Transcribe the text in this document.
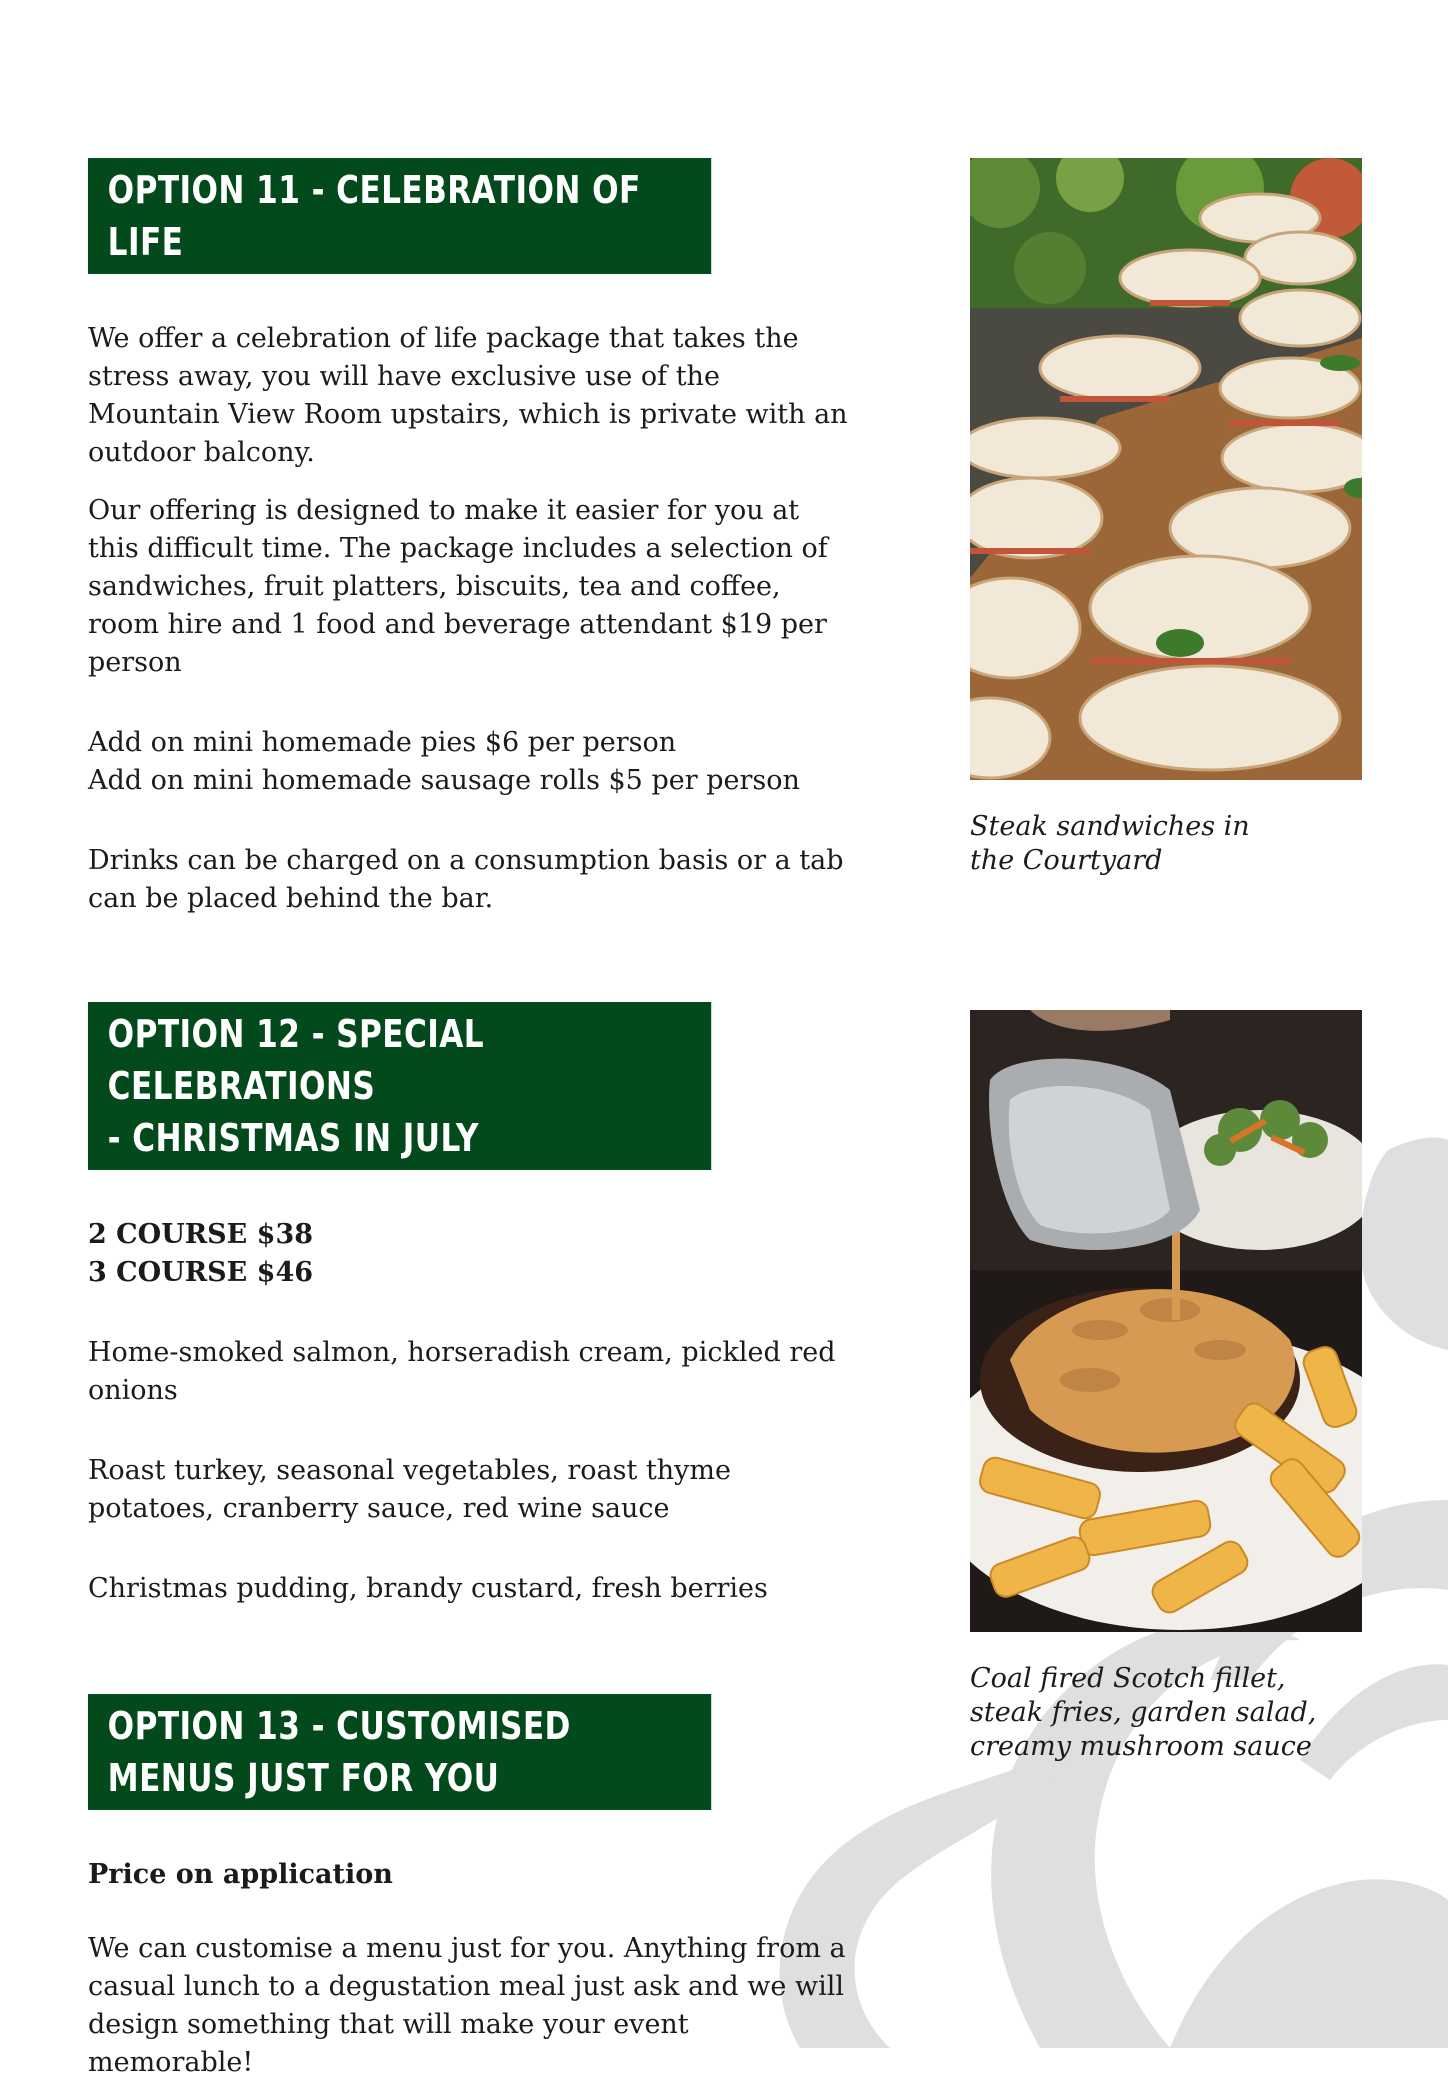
OPTION 11 - CELEBRATION OF LIFE

We offer a celebration of life package that takes the stress away, you will have exclusive use of the Mountain View Room upstairs, which is private with an outdoor balcony.

Our offering is designed to make it easier for you at this difficult time. The package includes a selection of sandwiches, fruit platters, biscuits, tea and coffee, room hire and 1 food and beverage attendant $19 per person

Add on mini homemade pies $6 per person

Add on mini homemade sausage rolls $5 per person

Drinks can be charged on a consumption basis or a tab can be placed behind the bar.

OPTION 12 - SPECIAL CELEBRATIONS
- CHRISTMAS IN JULY
2 COURSE $38
3 COURSE $46

Home-smoked salmon, horseradish cream, pickled red onions

Roast turkey, seasonal vegetables, roast thyme potatoes, cranberry sauce, red wine sauce

Christmas pudding, brandy custard, fresh berries

OPTION 13 - CUSTOMISED MENUS JUST FOR YOU
Price on application

We can customise a menu just for you. Anything from a casual lunch to a degustation meal just ask and we will design something that will make your event memorable!

Steak sandwiches in the Courtyard
Coal fired Scotch fillet, steak fries, garden salad, creamy mushroom sauce
